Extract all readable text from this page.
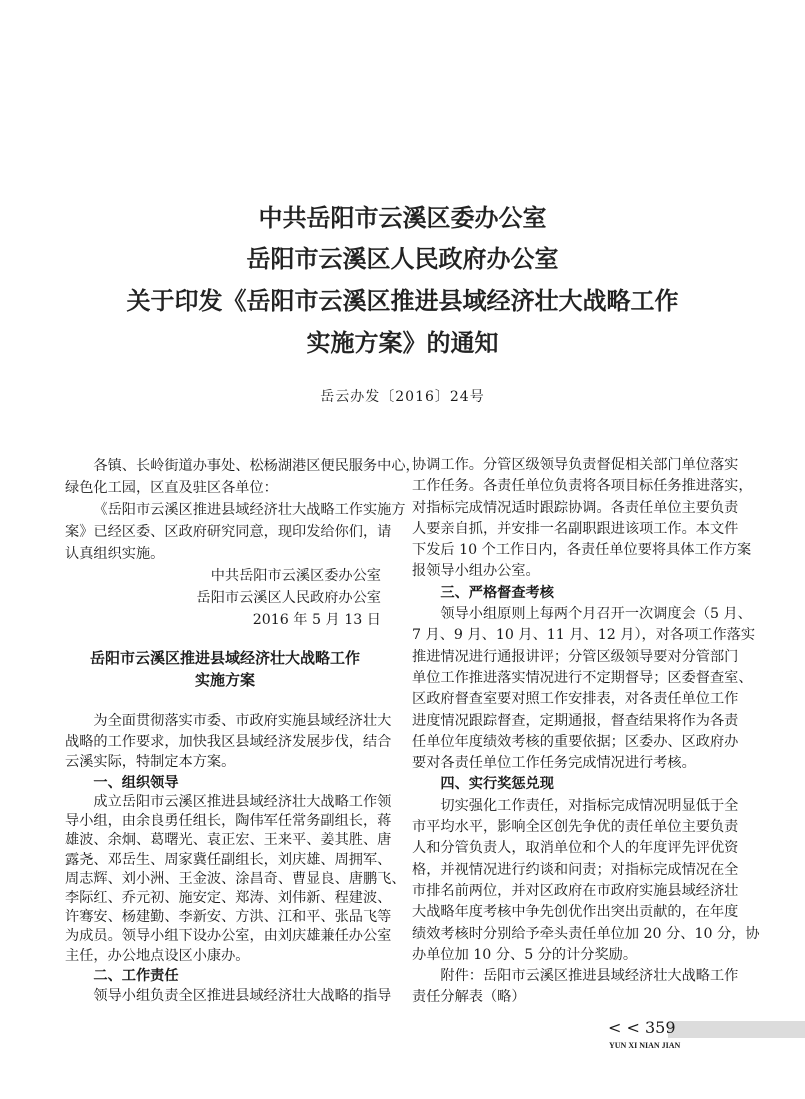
中共岳阳市云溪区委办公室
岳阳市云溪区人民政府办公室
关于印发《岳阳市云溪区推进县域经济壮大战略工作
实施方案》的通知
岳云办发〔2016〕24号
各镇、长岭街道办事处、松杨湖港区便民服务中心，
绿色化工园，区直及驻区各单位：
《岳阳市云溪区推进县域经济壮大战略工作实施方
案》已经区委、区政府研究同意，现印发给你们，请
认真组织实施。
中共岳阳市云溪区委办公室
岳阳市云溪区人民政府办公室
2016 年 5 月 13 日
岳阳市云溪区推进县域经济壮大战略工作
实施方案
为全面贯彻落实市委、市政府实施县域经济壮大
战略的工作要求，加快我区县域经济发展步伐，结合
云溪实际，特制定本方案。
一、组织领导
成立岳阳市云溪区推进县域经济壮大战略工作领
导小组，由余良勇任组长，陶伟军任常务副组长，蒋
雄波、余炯、葛曙光、袁正宏、王来平、姜其胜、唐
露尧、邓岳生、周家冀任副组长，刘庆雄、周拥军、
周志辉、刘小洲、王金波、涂昌奇、曹显良、唐鹏飞、
李际红、乔元初、施安定、郑涛、刘伟新、程建波、
许骞安、杨建勤、李新安、方洪、江和平、张品飞等
为成员。领导小组下设办公室，由刘庆雄兼任办公室
主任，办公地点设区小康办。
二、工作责任
领导小组负责全区推进县域经济壮大战略的指导
协调工作。分管区级领导负责督促相关部门单位落实
工作任务。各责任单位负责将各项目标任务推进落实，
对指标完成情况适时跟踪协调。各责任单位主要负责
人要亲自抓，并安排一名副职跟进该项工作。本文件
下发后 10 个工作日内，各责任单位要将具体工作方案
报领导小组办公室。
三、严格督查考核
领导小组原则上每两个月召开一次调度会（5 月、
7 月、9 月、10 月、11 月、12 月），对各项工作落实
推进情况进行通报讲评；分管区级领导要对分管部门
单位工作推进落实情况进行不定期督导；区委督查室、
区政府督查室要对照工作安排表，对各责任单位工作
进度情况跟踪督查，定期通报，督查结果将作为各责
任单位年度绩效考核的重要依据；区委办、区政府办
要对各责任单位工作任务完成情况进行考核。
四、实行奖惩兑现
切实强化工作责任，对指标完成情况明显低于全
市平均水平，影响全区创先争优的责任单位主要负责
人和分管负责人，取消单位和个人的年度评先评优资
格，并视情况进行约谈和问责；对指标完成情况在全
市排名前两位，并对区政府在市政府实施县域经济壮
大战略年度考核中争先创优作出突出贡献的，在年度
绩效考核时分别给予牵头责任单位加 20 分、10 分，协
办单位加 10 分、5 分的计分奖励。
附件：岳阳市云溪区推进县域经济壮大战略工作
责任分解表（略）
< < 359
YUN XI NIAN JIAN
